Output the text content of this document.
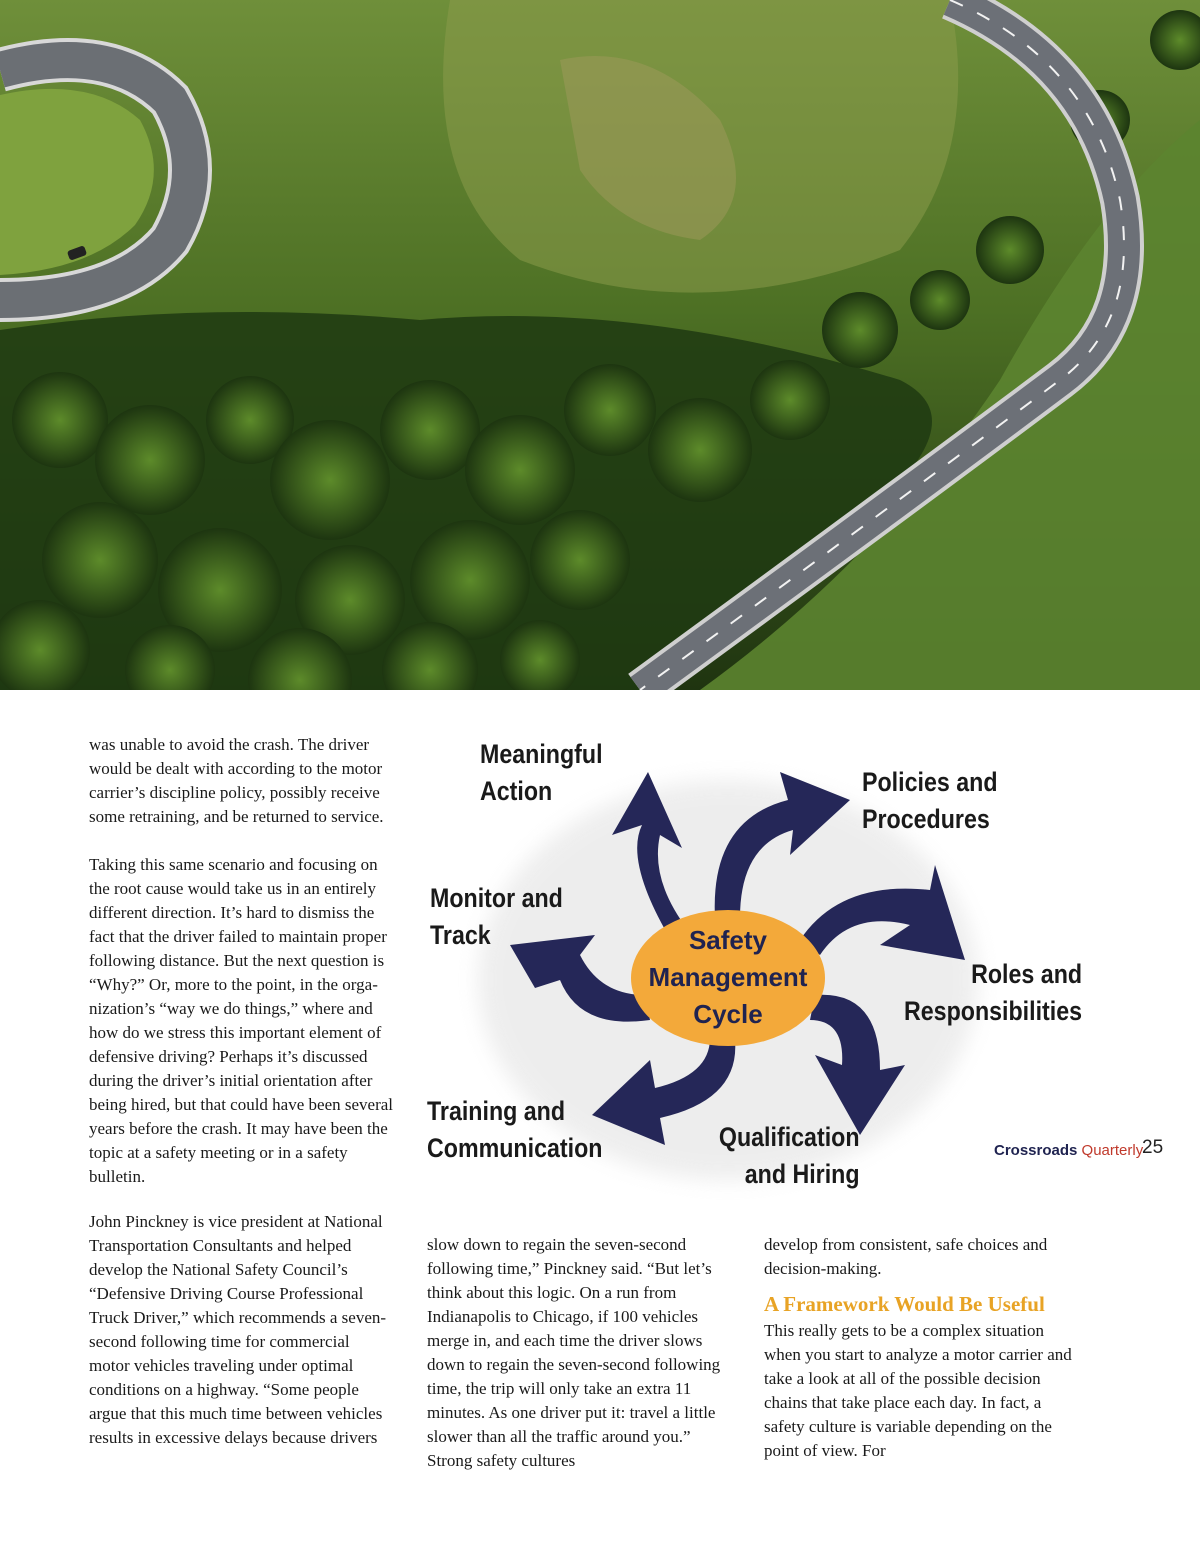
was unable to avoid the crash. The driver would be dealt with according to the motor carrier’s discipline policy, possibly receive some retraining, and be returned to service.

Taking this same scenario and focusing on the root cause would take us in an entirely different direction. It’s hard to dismiss the fact that the driver failed to maintain proper following distance. But the next question is “Why?” Or, more to the point, in the orga-nization’s “way we do things,” where and how do we stress this important element of defensive driving? Perhaps it’s discussed during the driver’s initial orientation after being hired, but that could have been several years before the crash. It may have been the topic at a safety meeting or in a safety bulletin.

Safety
Management
Cycle
Meaningful
Action	Policies and
Procedures
Monitor and
Track
Roles and
Responsibilities
Training and
Communication	Qualification
and Hiring

John Pinckney is vice president at National Transportation Consultants and helped develop the National Safety Council’s “Defensive Driving Course Professional Truck Driver,” which recommends a seven-second following time for commercial motor vehicles traveling under optimal conditions on a highway. “Some people argue that this much time between vehicles results in excessive delays because drivers

slow down to regain the seven-second following time,” Pinckney said. “But let’s think about this logic. On a run from Indianapolis to Chicago, if 100 vehicles merge in, and each time the driver slows down to regain the seven-second following time, the trip will only take an extra 11 minutes. As one driver put it: travel a little slower than all the traffic around you.” Strong safety cultures

develop from consistent, safe choices and decision-making.

A Framework Would Be Useful

This really gets to be a complex situation when you start to analyze a motor carrier and take a look at all of the possible decision chains that take place each day. In fact, a safety culture is variable depending on the point of view. For

Crossroads Quarterly
25
